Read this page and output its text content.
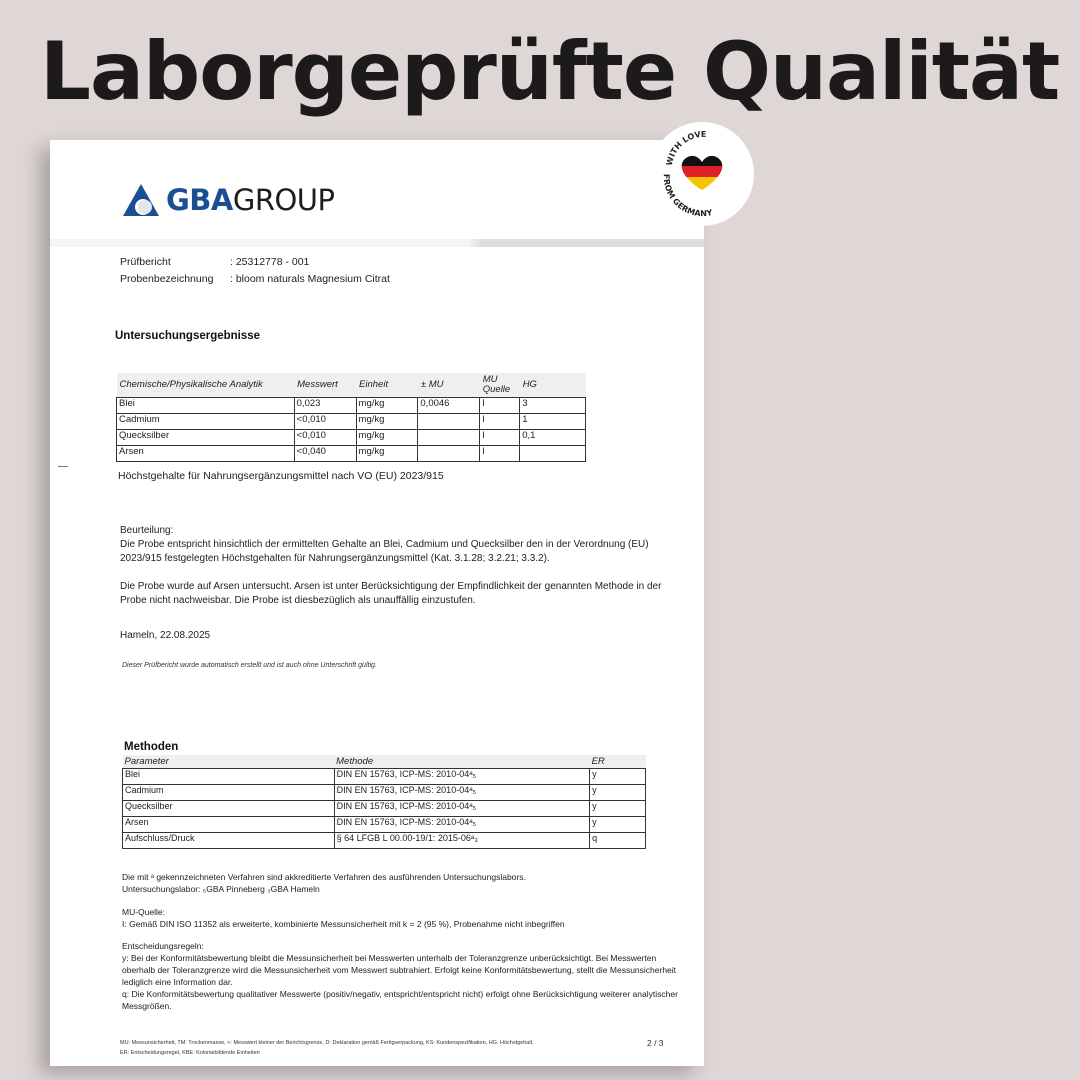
Laborgeprüfte Qualität
GBA GROUP
Prüfbericht	: 25312778 - 001
Probenbezeichnung	: bloom naturals Magnesium Citrat
Untersuchungsergebnisse
Chemische/Physikalische Analytik	Messwert	Einheit	± MU	MU Quelle	HG
Blei	0,023	mg/kg	0,0046	I	3
Cadmium	<0,010	mg/kg		I	1
Quecksilber	<0,010	mg/kg		I	0,1
Arsen	<0,040	mg/kg		I	
Höchstgehalte für Nahrungsergänzungsmittel nach VO (EU) 2023/915
Beurteilung:

Die Probe entspricht hinsichtlich der ermittelten Gehalte an Blei, Cadmium und Quecksilber den in der Verordnung (EU) 2023/915 festgelegten Höchstgehalten für Nahrungsergänzungsmittel (Kat. 3.1.28; 3.2.21; 3.3.2).

Die Probe wurde auf Arsen untersucht. Arsen ist unter Berücksichtigung der Empfindlichkeit der genannten Methode in der Probe nicht nachweisbar. Die Probe ist diesbezüglich als unauffällig einzustufen.

Hameln, 22.08.2025
Dieser Prüfbericht wurde automatisch erstellt und ist auch ohne Unterschrift gültig.
Methoden
Parameter	Methode	ER
Blei	DIN EN 15763, ICP-MS: 2010-04ᵃ₅	y
Cadmium	DIN EN 15763, ICP-MS: 2010-04ᵃ₅	y
Quecksilber	DIN EN 15763, ICP-MS: 2010-04ᵃ₅	y
Arsen	DIN EN 15763, ICP-MS: 2010-04ᵃ₅	y
Aufschluss/Druck	§ 64 LFGB L 00.00-19/1: 2015-06ᵃ₃	q
Die mit ᵃ gekennzeichneten Verfahren sind akkreditierte Verfahren des ausführenden Untersuchungslabors.
Untersuchungslabor: ₅GBA Pinneberg ₃GBA Hameln
MU-Quelle:
I: Gemäß DIN ISO 11352 als erweiterte, kombinierte Messunsicherheit mit k = 2 (95 %), Probenahme nicht inbegriffen
Entscheidungsregeln:
y: Bei der Konformitätsbewertung bleibt die Messunsicherheit bei Messwerten unterhalb der Toleranzgrenze unberücksichtigt. Bei Messwerten oberhalb der Toleranzgrenze wird die Messunsicherheit vom Messwert subtrahiert. Erfolgt keine Konformitätsbewertung, stellt die Messunsicherheit lediglich eine Information dar.
q: Die Konformitätsbewertung qualitativer Messwerte (positiv/negativ, entspricht/entspricht nicht) erfolgt ohne Berücksichtigung weiterer analytischer Messgrößen.
MU: Messunsicherheit, TM: Trockenmasse, <: Messwert kleiner der Berichtsgrenze, D: Deklaration gemäß Fertigverpackung, KS: Kundenspezifikation, HG: Höchstgehalt,
ER: Entscheidungsregel, KBE: Koloniebildende Einheiten
2 / 3
WITH LOVE
FROM GERMANY
